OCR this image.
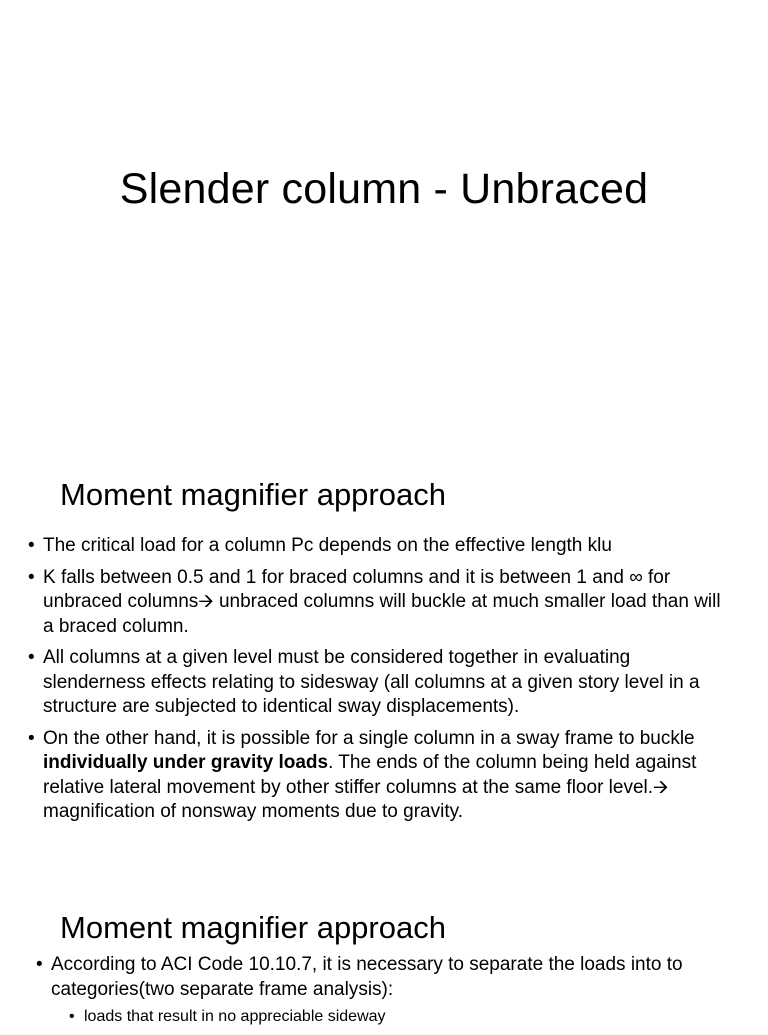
Slender column - Unbraced
Moment magnifier approach
• The critical load for a column Pc depends on the effective length klu
• K falls between 0.5 and 1 for braced columns and it is between 1 and ∞ for unbraced columns🡪 unbraced columns will buckle at much smaller load than will a braced column.
• All columns at a given level must be considered together in evaluating slenderness effects relating to sidesway (all columns at a given story level in a structure are subjected to identical sway displacements).
• On the other hand, it is possible for a single column in a sway frame to buckle individually under gravity loads. The ends of the column being held against relative lateral movement by other stiffer columns at the same floor level.🡪 magnification of nonsway moments due to gravity.
Moment magnifier approach
• According to ACI Code 10.10.7, it is necessary to separate the loads into to categories(two separate frame analysis):
• loads that result in no appreciable sideway
